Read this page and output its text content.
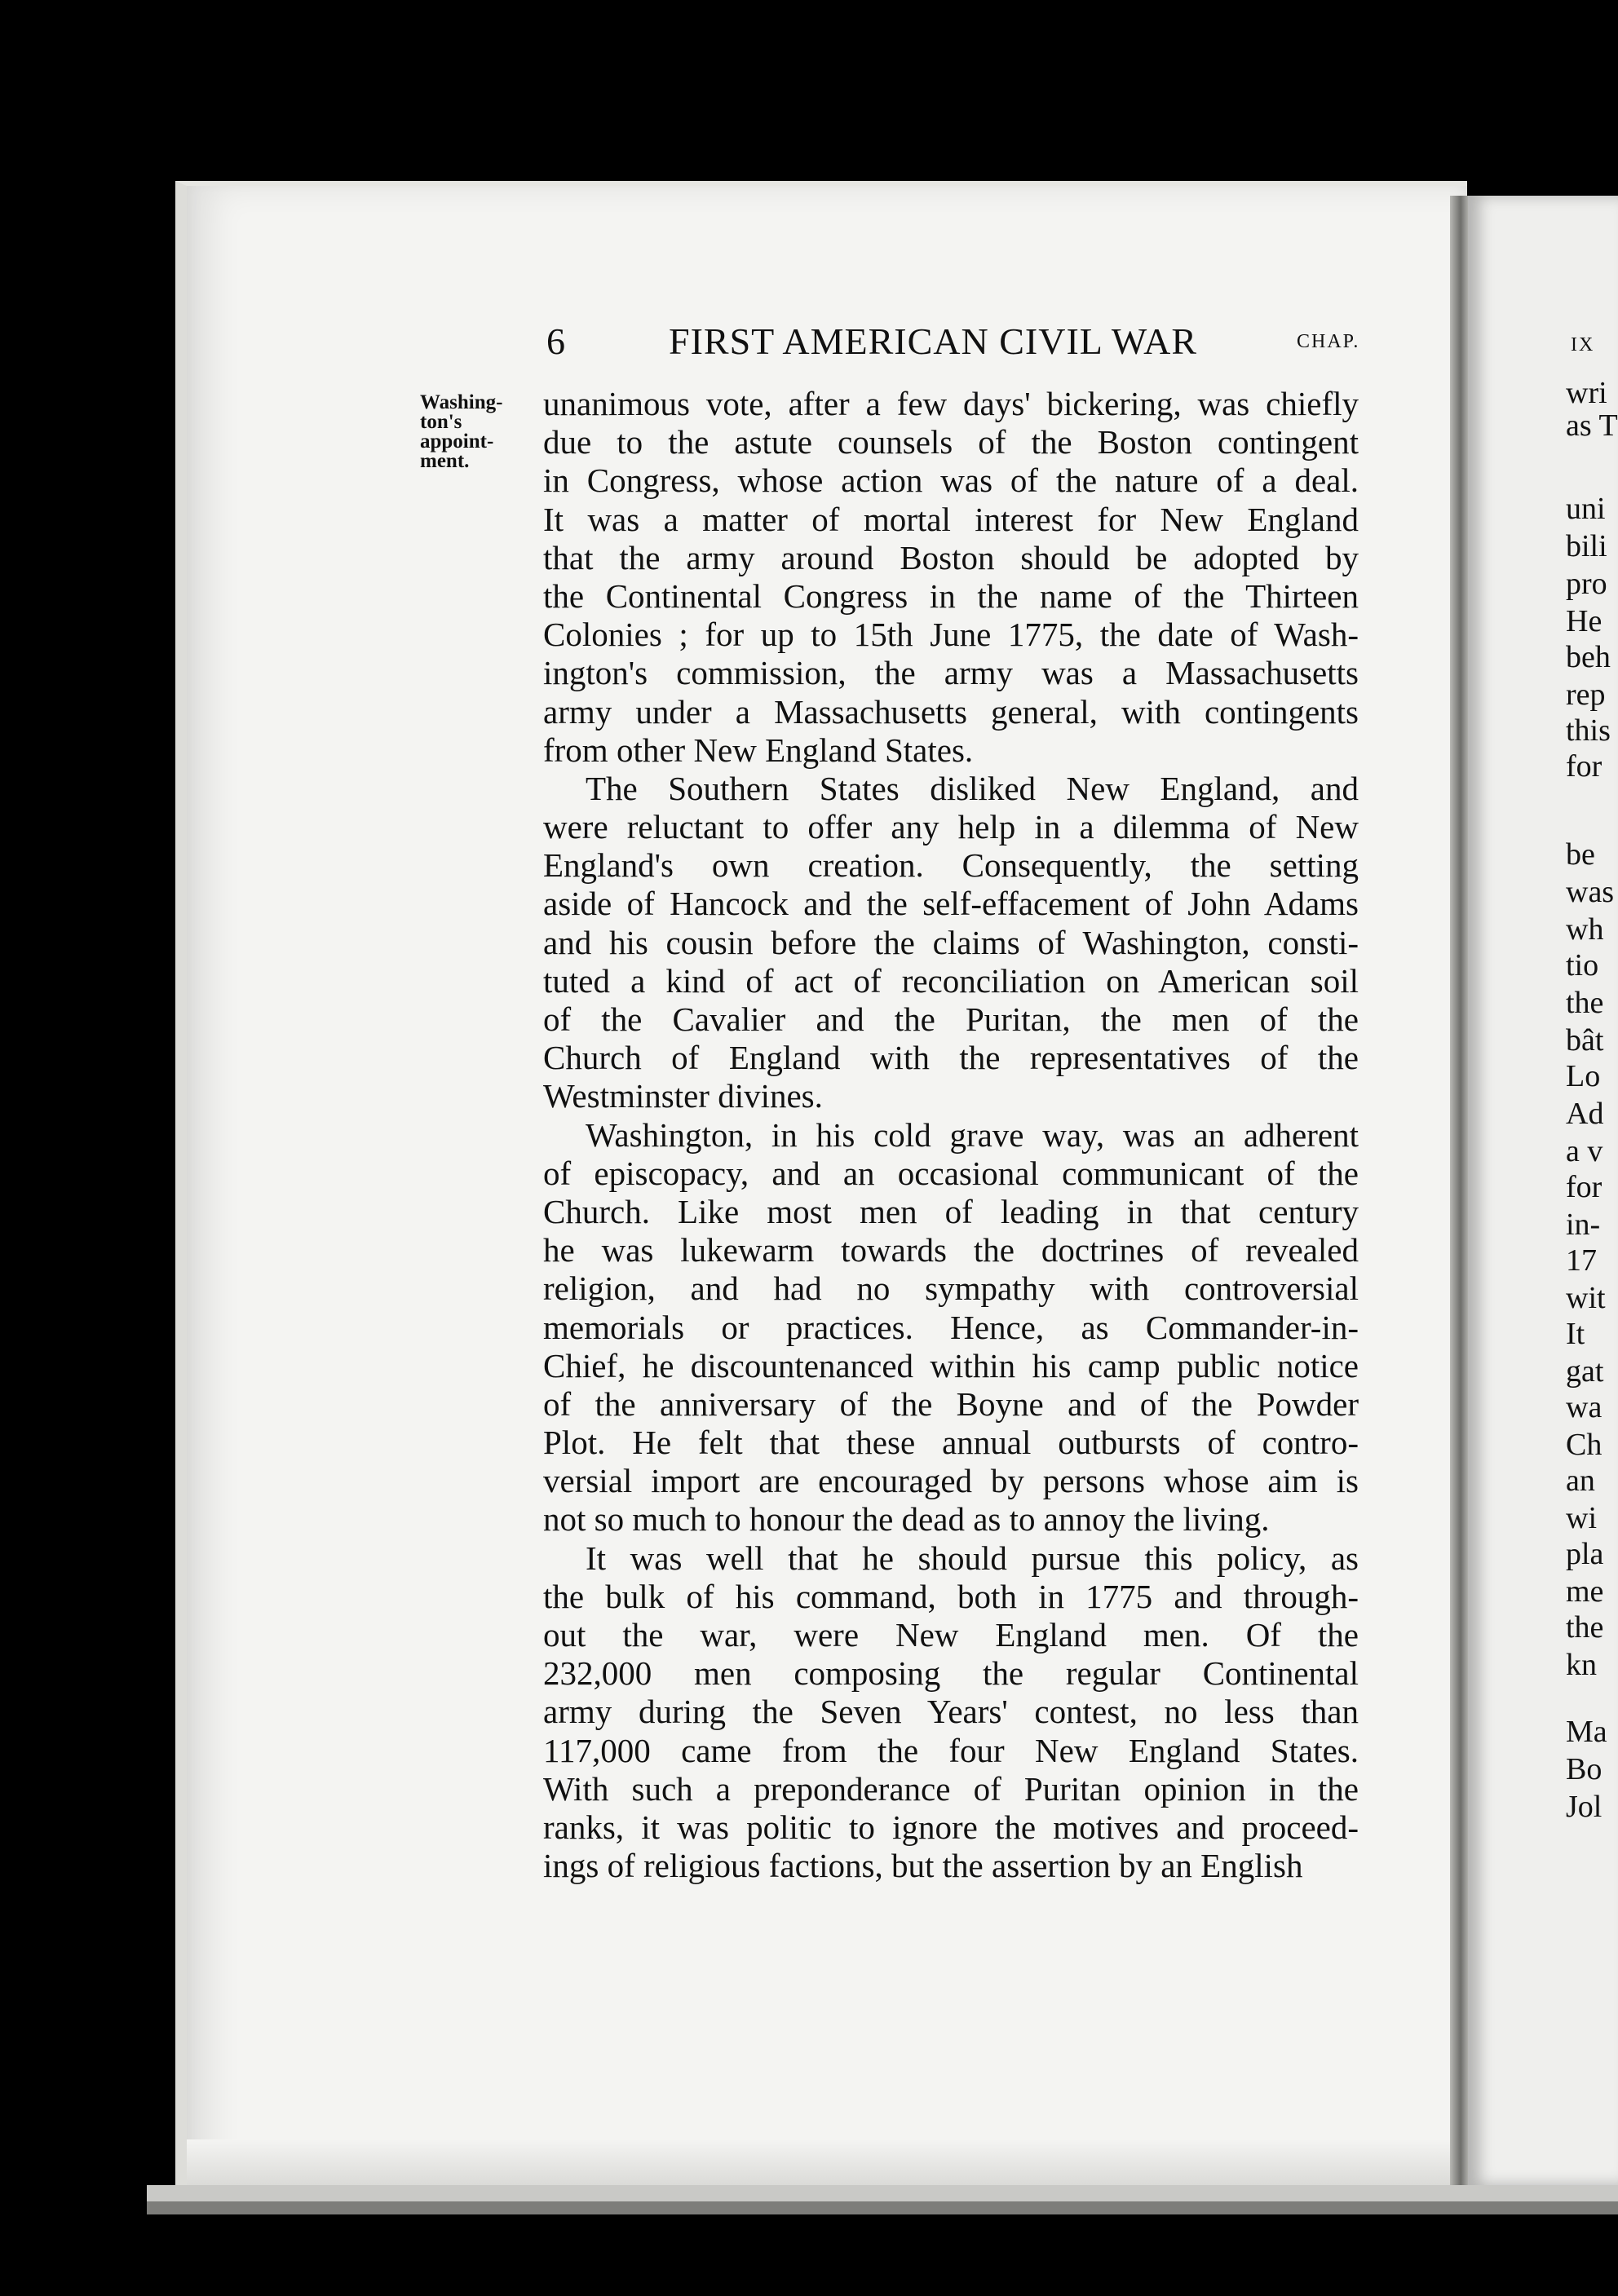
6	FIRST AMERICAN CIVIL WAR	CHAP.
Washing-
ton's
appoint-
ment.
unanimous vote, after a few days' bickering, was chiefly
due to the astute counsels of the Boston contingent
in Congress, whose action was of the nature of a deal.
It was a matter of mortal interest for New England
that the army around Boston should be adopted by
the Continental Congress in the name of the Thirteen
Colonies ; for up to 15th June 1775, the date of Wash-
ington's commission, the army was a Massachusetts
army under a Massachusetts general, with contingents
from other New England States.
The Southern States disliked New England, and
were reluctant to offer any help in a dilemma of New
England's own creation. Consequently, the setting
aside of Hancock and the self-effacement of John Adams
and his cousin before the claims of Washington, consti-
tuted a kind of act of reconciliation on American soil
of the Cavalier and the Puritan, the men of the
Church of England with the representatives of the
Westminster divines.
Washington, in his cold grave way, was an adherent
of episcopacy, and an occasional communicant of the
Church. Like most men of leading in that century
he was lukewarm towards the doctrines of revealed
religion, and had no sympathy with controversial
memorials or practices. Hence, as Commander-in-
Chief, he discountenanced within his camp public notice
of the anniversary of the Boyne and of the Powder
Plot. He felt that these annual outbursts of contro-
versial import are encouraged by persons whose aim is
not so much to honour the dead as to annoy the living.
It was well that he should pursue this policy, as
the bulk of his command, both in 1775 and through-
out the war, were New England men. Of the
232,000 men composing the regular Continental
army during the Seven Years' contest, no less than
117,000 came from the four New England States.
With such a preponderance of Puritan opinion in the
ranks, it was politic to ignore the motives and proceed-
ings of religious factions, but the assertion by an English
IX
wri
as T
uni
bili
pro
He
beh
rep
this
for
be
was
wh
tio
the
bât
Lo
Ad
a v
for
in-
17
wit
It
gat
wa
Ch
an
wi
pla
me
the
kn
Ma
Bo
Jol
